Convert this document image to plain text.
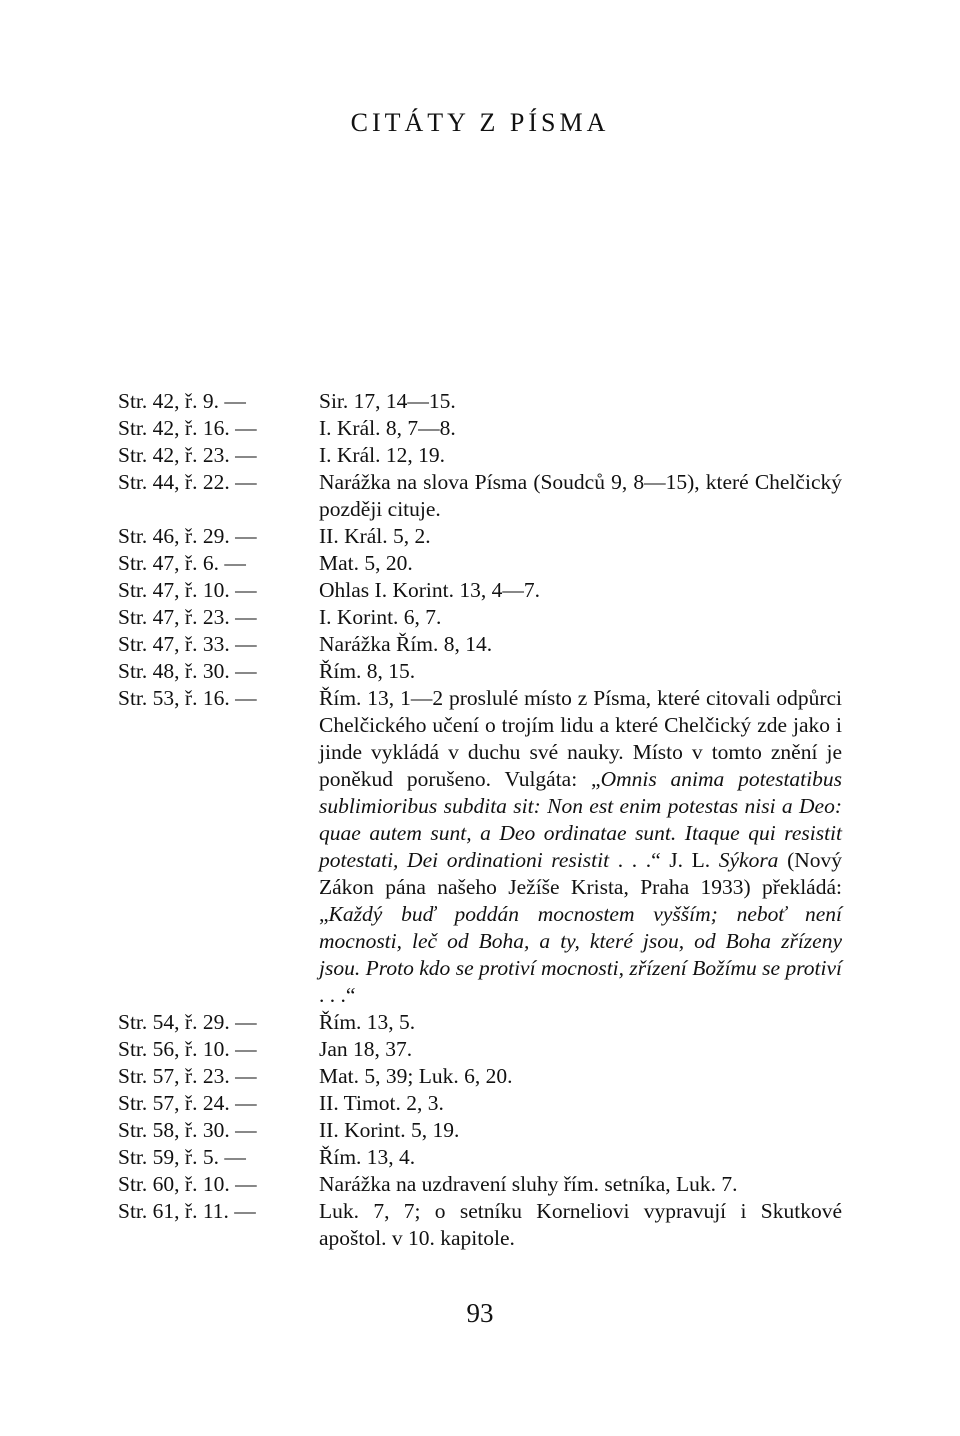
CITÁTY Z PÍSMA
Str. 42, ř. 9. —	Sir. 17, 14—15.
Str. 42, ř. 16. —	I. Král. 8, 7—8.
Str. 42, ř. 23. —	I. Král. 12, 19.
Str. 44, ř. 22. —	Narážka na slova Písma (Soudců 9, 8—15), které Chelčický později cituje.
Str. 46, ř. 29. —	II. Král. 5, 2.
Str. 47, ř. 6. —	Mat. 5, 20.
Str. 47, ř. 10. —	Ohlas I. Korint. 13, 4—7.
Str. 47, ř. 23. —	I. Korint. 6, 7.
Str. 47, ř. 33. —	Narážka Řím. 8, 14.
Str. 48, ř. 30. —	Řím. 8, 15.
Str. 53, ř. 16. —	Řím. 13, 1—2 proslulé místo z Písma, které citovali odpůrci Chelčického učení o trojím lidu a které Chelčický zde jako i jinde vykládá v duchu své nauky. Místo v tomto znění je poněkud porušeno. Vulgáta: „Omnis anima potestatibus sublimioribus subdita sit: Non est enim potestas nisi a Deo: quae autem sunt, a Deo ordinatae sunt. Itaque qui resistit potestati, Dei ordinationi resistit . . .“ J. L. Sýkora (Nový Zákon pána našeho Ježíše Krista, Praha 1933) překládá: „Každý buď poddán mocnostem vyšším; neboť není mocnosti, leč od Boha, a ty, které jsou, od Boha zřízeny jsou. Proto kdo se protiví mocnosti, zřízení Božímu se protiví . . .“
Str. 54, ř. 29. —	Řím. 13, 5.
Str. 56, ř. 10. —	Jan 18, 37.
Str. 57, ř. 23. —	Mat. 5, 39; Luk. 6, 20.
Str. 57, ř. 24. —	II. Timot. 2, 3.
Str. 58, ř. 30. —	II. Korint. 5, 19.
Str. 59, ř. 5. —	Řím. 13, 4.
Str. 60, ř. 10. —	Narážka na uzdravení sluhy řím. setníka, Luk. 7.
Str. 61, ř. 11. —	Luk. 7, 7; o setníku Korneliovi vypravují i Skutkové apoštol. v 10. kapitole.
93
